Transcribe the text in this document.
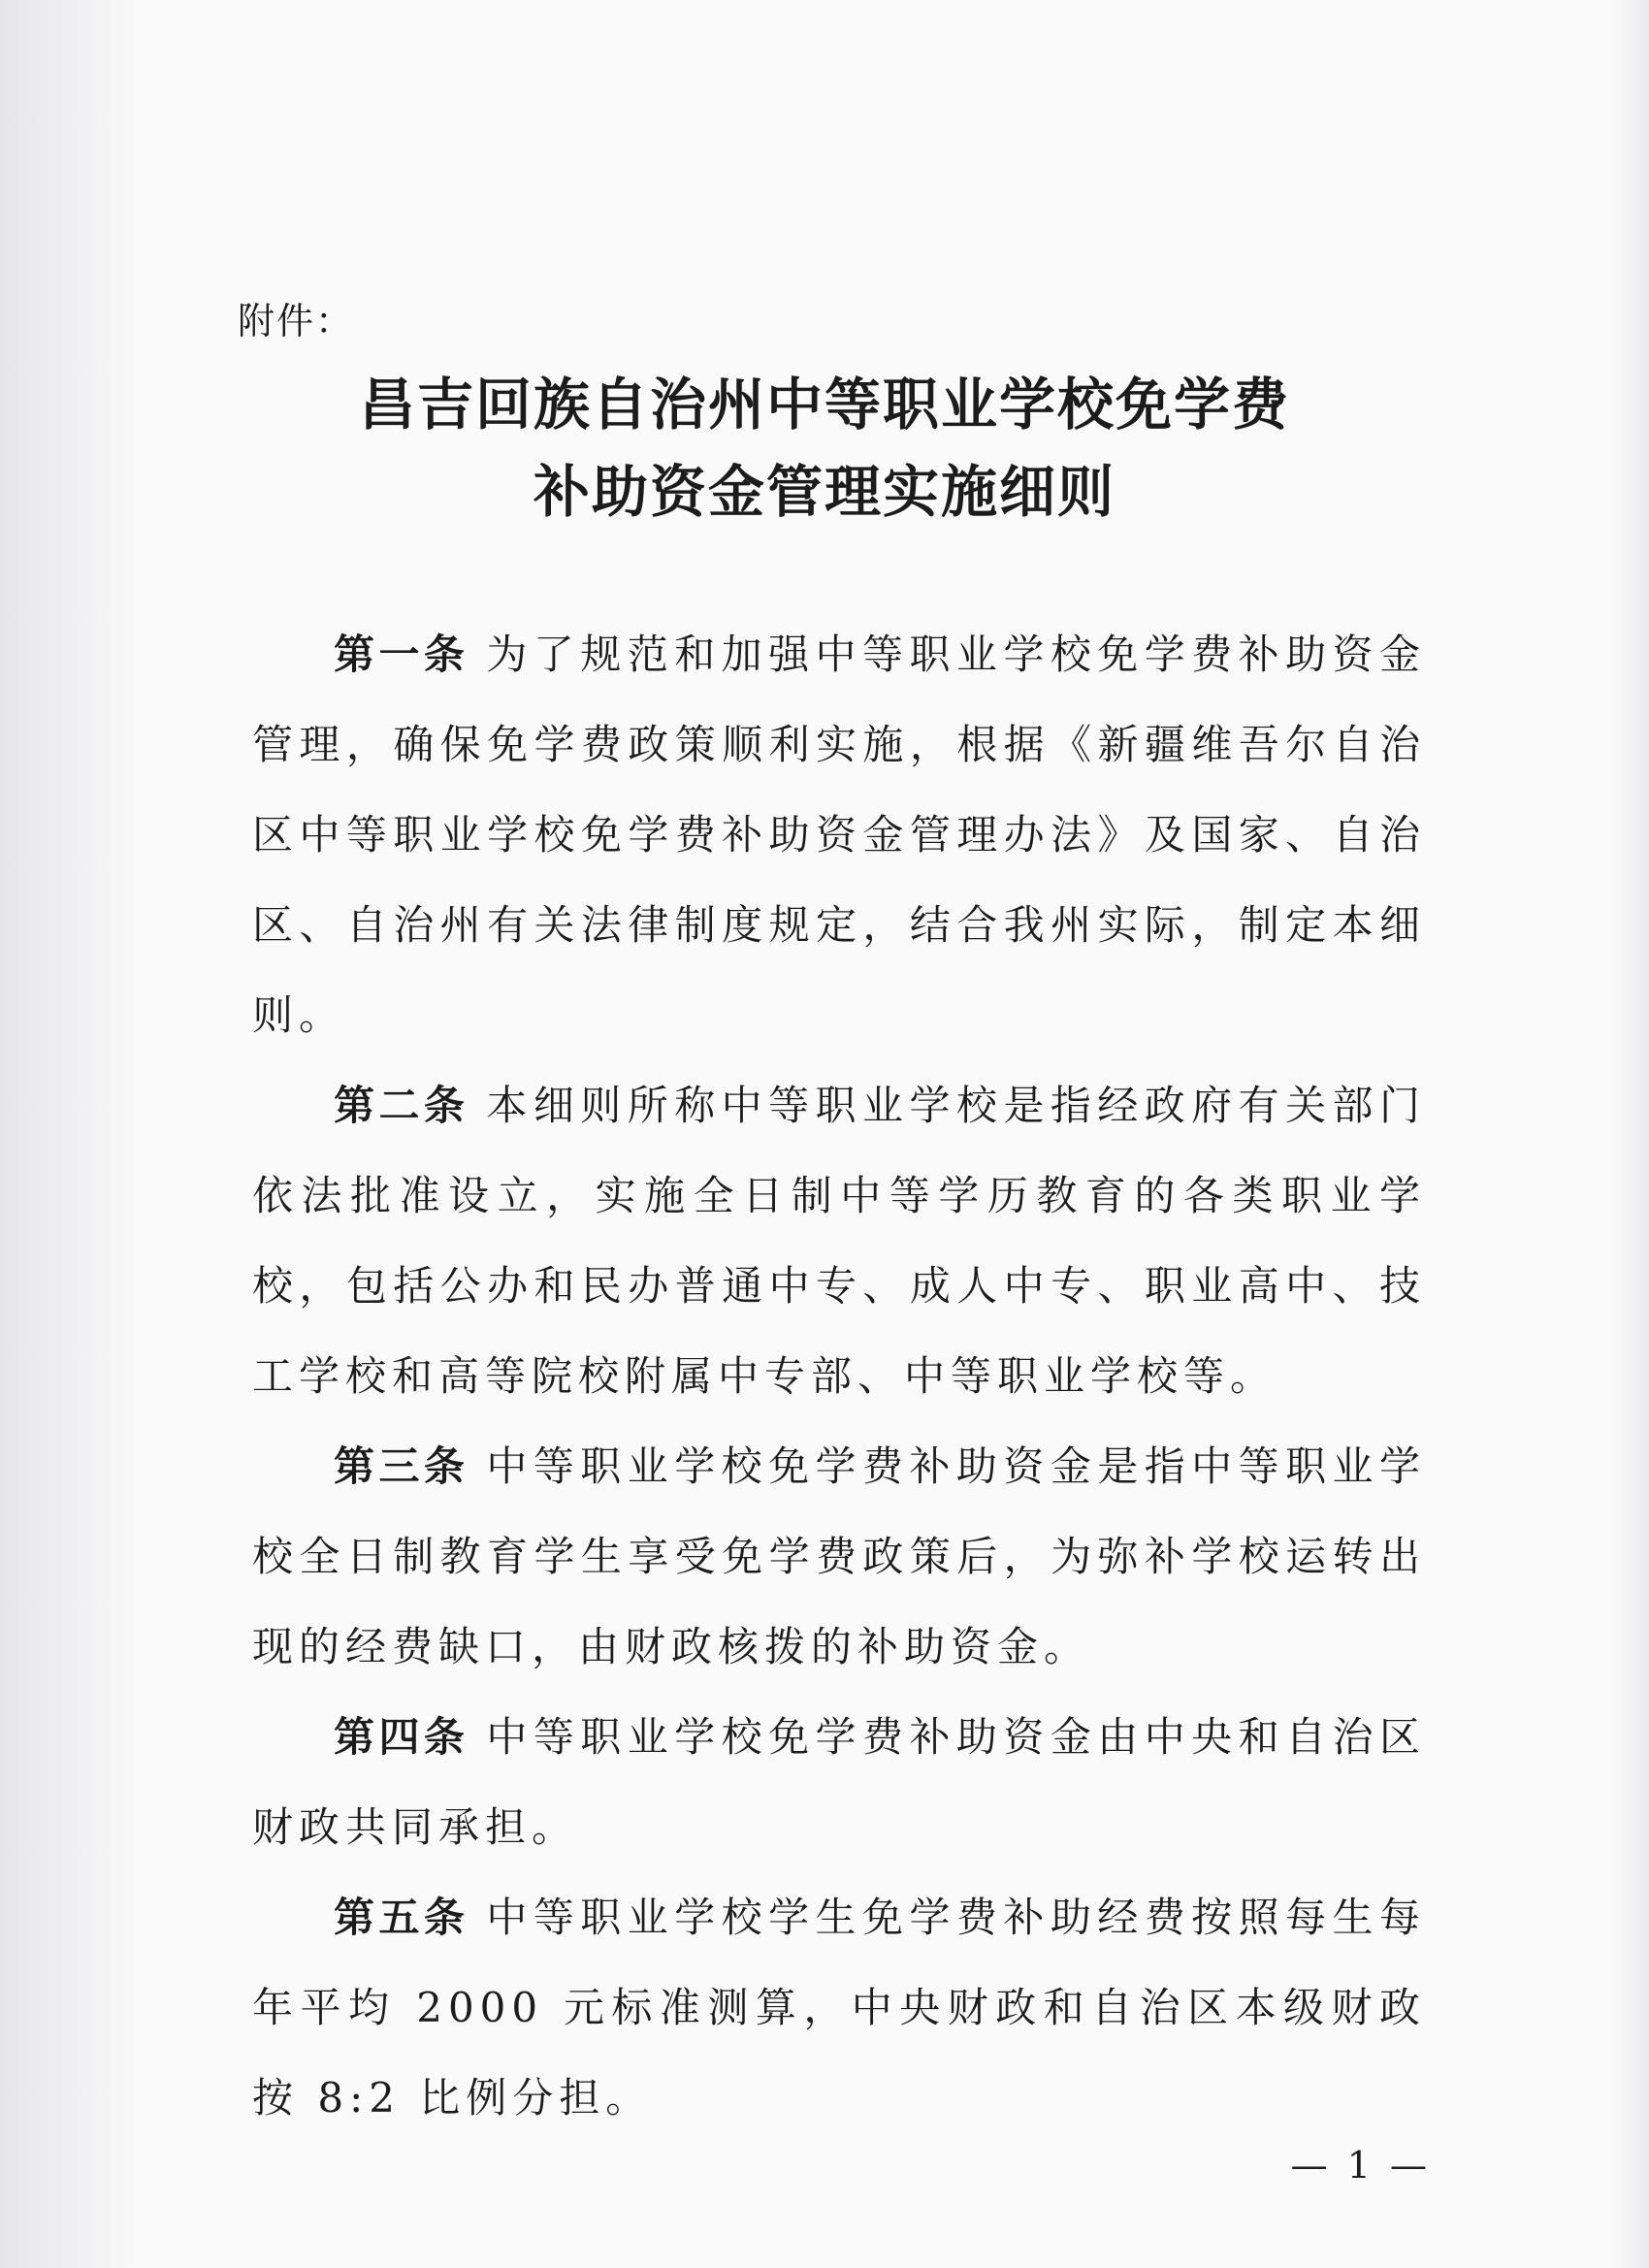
附件：
昌吉回族自治州中等职业学校免学费
补助资金管理实施细则

第一条 为了规范和加强中等职业学校免学费补助资金管理，确保免学费政策顺利实施，根据《新疆维吾尔自治区中等职业学校免学费补助资金管理办法》及国家、自治区、自治州有关法律制度规定，结合我州实际，制定本细则。

第二条 本细则所称中等职业学校是指经政府有关部门依法批准设立，实施全日制中等学历教育的各类职业学校，包括公办和民办普通中专、成人中专、职业高中、技工学校和高等院校附属中专部、中等职业学校等。

第三条 中等职业学校免学费补助资金是指中等职业学校全日制教育学生享受免学费政策后，为弥补学校运转出现的经费缺口，由财政核拨的补助资金。

第四条 中等职业学校免学费补助资金由中央和自治区财政共同承担。

第五条 中等职业学校学生免学费补助经费按照每生每年平均 2000 元标准测算，中央财政和自治区本级财政按 8:2 比例分担。

— 1 —
